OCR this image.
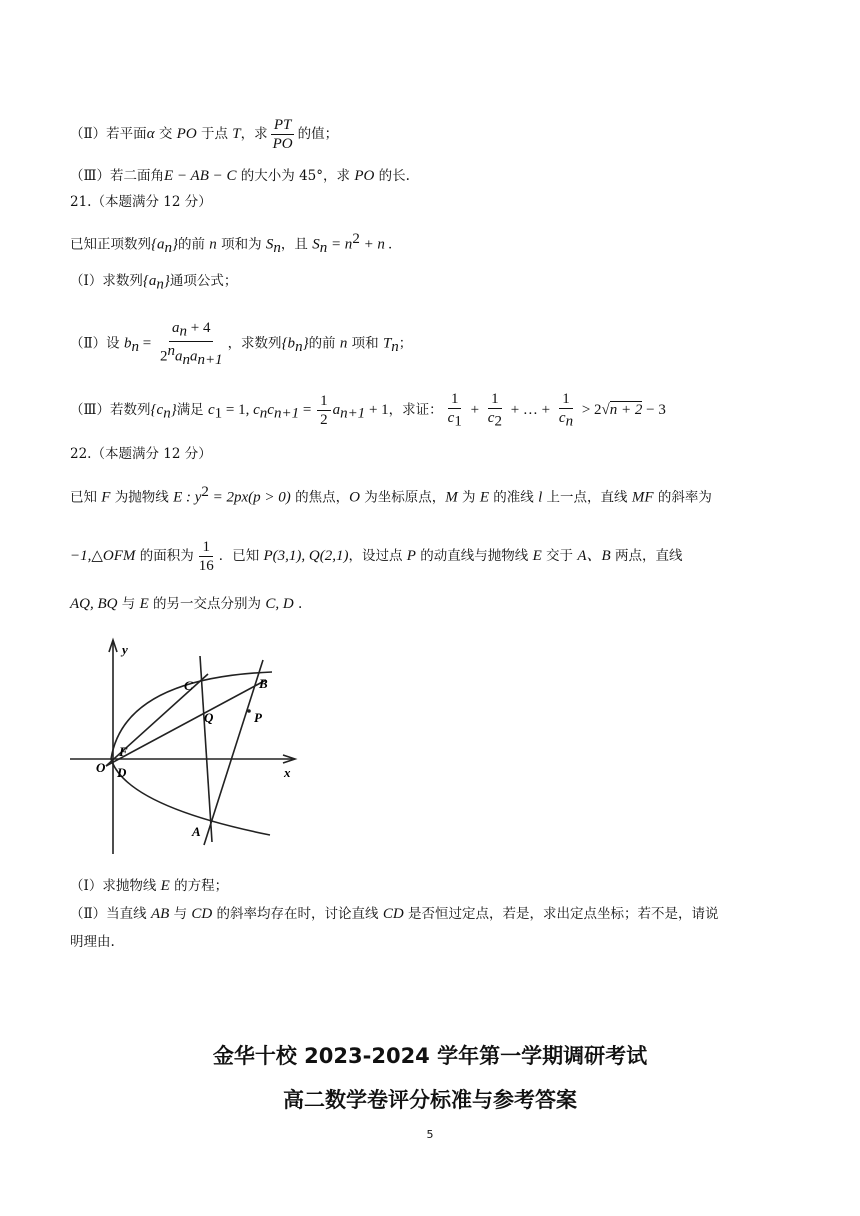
（Ⅱ）若平面α 交 PO 于点 T，求 $\frac{PT}{PO}$ 的值；
（Ⅲ）若二面角E − AB − C 的大小为 45°，求 PO 的长.
21.（本题满分 12 分）
已知正项数列$\{a_n\}$的前 n 项和为 $S_n$，且 $S_n = n^2 + n$ .
（Ⅰ）求数列$\{a_n\}$通项公式；
（Ⅱ）设 $b_n = \frac{a_n + 4}{2^na_na_{n+1}}$ ，求数列$\{b_n\}$的前 n 项和 $T_n$；
（Ⅲ）若数列$\{c_n\}$满足 $c_1 = 1$, $c_nc_{n+1} = \frac{1}{2} a_{n+1} + 1$，求证： $\frac{1}{c_1} + \frac{1}{c_2}$ + … + $\frac{1}{c_n} > 2√n + 2 - 3$
22.（本题满分 12 分）
已知 F 为抛物线 E : $y^2 = 2px(p > 0)$ 的焦点，O 为坐标原点，M 为 E 的准线 l 上一点，直线 MF 的斜率为
−1,△OFM 的面积为 $\frac{1}{16}$ ．已知 P(3,1), Q(2,1)，设过点 P 的动直线与抛物线 E 交于 A、B 两点，直线
AQ, BQ 与 E 的另一交点分别为 C, D .
y
x
O
F
D
C
Q
B
P
A
（Ⅰ）求抛物线 E 的方程；
（Ⅱ）当直线 AB 与 CD 的斜率均存在时，讨论直线 CD 是否恒过定点，若是，求出定点坐标；若不是，请说
明理由.
金华十校 2023-2024 学年第一学期调研考试
高二数学卷评分标准与参考答案
5
